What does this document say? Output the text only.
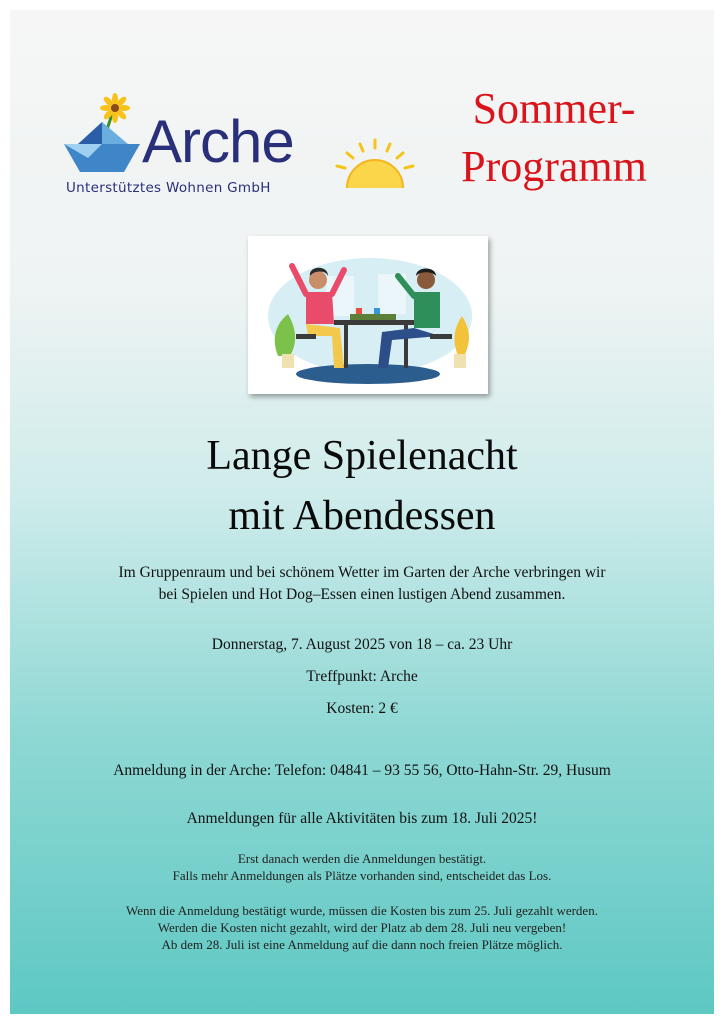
Arche
Unterstütztes Wohnen GmbH
Sommer-
Programm
Lange Spielenacht
mit Abendessen
Im Gruppenraum und bei schönem Wetter im Garten der Arche verbringen wir
bei Spielen und Hot Dog–Essen einen lustigen Abend zusammen.
Donnerstag, 7. August 2025 von 18 – ca. 23 Uhr
Treffpunkt: Arche
Kosten: 2 €
Anmeldung in der Arche: Telefon: 04841 – 93 55 56, Otto-Hahn-Str. 29, Husum
Anmeldungen für alle Aktivitäten bis zum 18. Juli 2025!
Erst danach werden die Anmeldungen bestätigt.
Falls mehr Anmeldungen als Plätze vorhanden sind, entscheidet das Los.
Wenn die Anmeldung bestätigt wurde, müssen die Kosten bis zum 25. Juli gezahlt werden.
Werden die Kosten nicht gezahlt, wird der Platz ab dem 28. Juli neu vergeben!
Ab dem 28. Juli ist eine Anmeldung auf die dann noch freien Plätze möglich.
